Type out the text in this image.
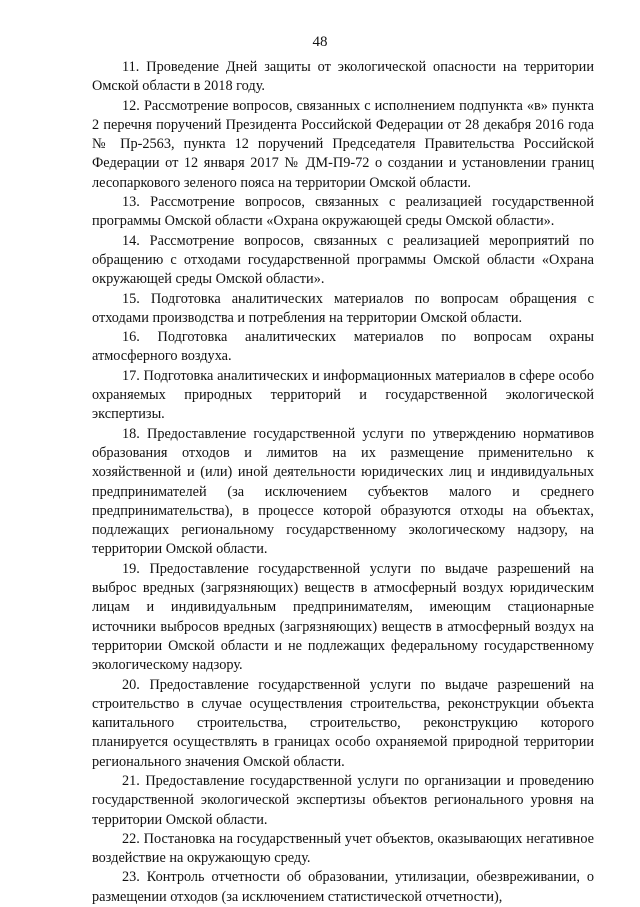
48

11. Проведение Дней защиты от экологической опасности на территории Омской области в 2018 году.

12. Рассмотрение вопросов, связанных с исполнением подпункта «в» пункта 2 перечня поручений Президента Российской Федерации от 28 декабря 2016 года № Пр-2563, пункта 12 поручений Председателя Правительства Российской Федерации от 12 января 2017 № ДМ-П9-72 о создании и установлении границ лесопаркового зеленого пояса на территории Омской области.

13. Рассмотрение вопросов, связанных с реализацией государственной программы Омской области «Охрана окружающей среды Омской области».

14. Рассмотрение вопросов, связанных с реализацией мероприятий по обращению с отходами государственной программы Омской области «Охрана окружающей среды Омской области».

15. Подготовка аналитических материалов по вопросам обращения с отходами производства и потребления на территории Омской области.

16. Подготовка аналитических материалов по вопросам охраны атмосферного воздуха.

17. Подготовка аналитических и информационных материалов в сфере особо охраняемых природных территорий и государственной экологической экспертизы.

18. Предоставление государственной услуги по утверждению нормативов образования отходов и лимитов на их размещение применительно к хозяйственной и (или) иной деятельности юридических лиц и индивидуальных предпринимателей (за исключением субъектов малого и среднего предпринимательства), в процессе которой образуются отходы на объектах, подлежащих региональному государственному экологическому надзору, на территории Омской области.

19. Предоставление государственной услуги по выдаче разрешений на выброс вредных (загрязняющих) веществ в атмосферный воздух юридическим лицам и индивидуальным предпринимателям, имеющим стационарные источники выбросов вредных (загрязняющих) веществ в атмосферный воздух на территории Омской области и не подлежащих федеральному государственному экологическому надзору.

20. Предоставление государственной услуги по выдаче разрешений на строительство в случае осуществления строительства, реконструкции объекта капитального строительства, строительство, реконструкцию которого планируется осуществлять в границах особо охраняемой природной территории регионального значения Омской области.

21. Предоставление государственной услуги по организации и проведению государственной экологической экспертизы объектов регионального уровня на территории Омской области.

22. Постановка на государственный учет объектов, оказывающих негативное воздействие на окружающую среду.

23. Контроль отчетности об образовании, утилизации, обезвреживании, о размещении отходов (за исключением статистической отчетности),
